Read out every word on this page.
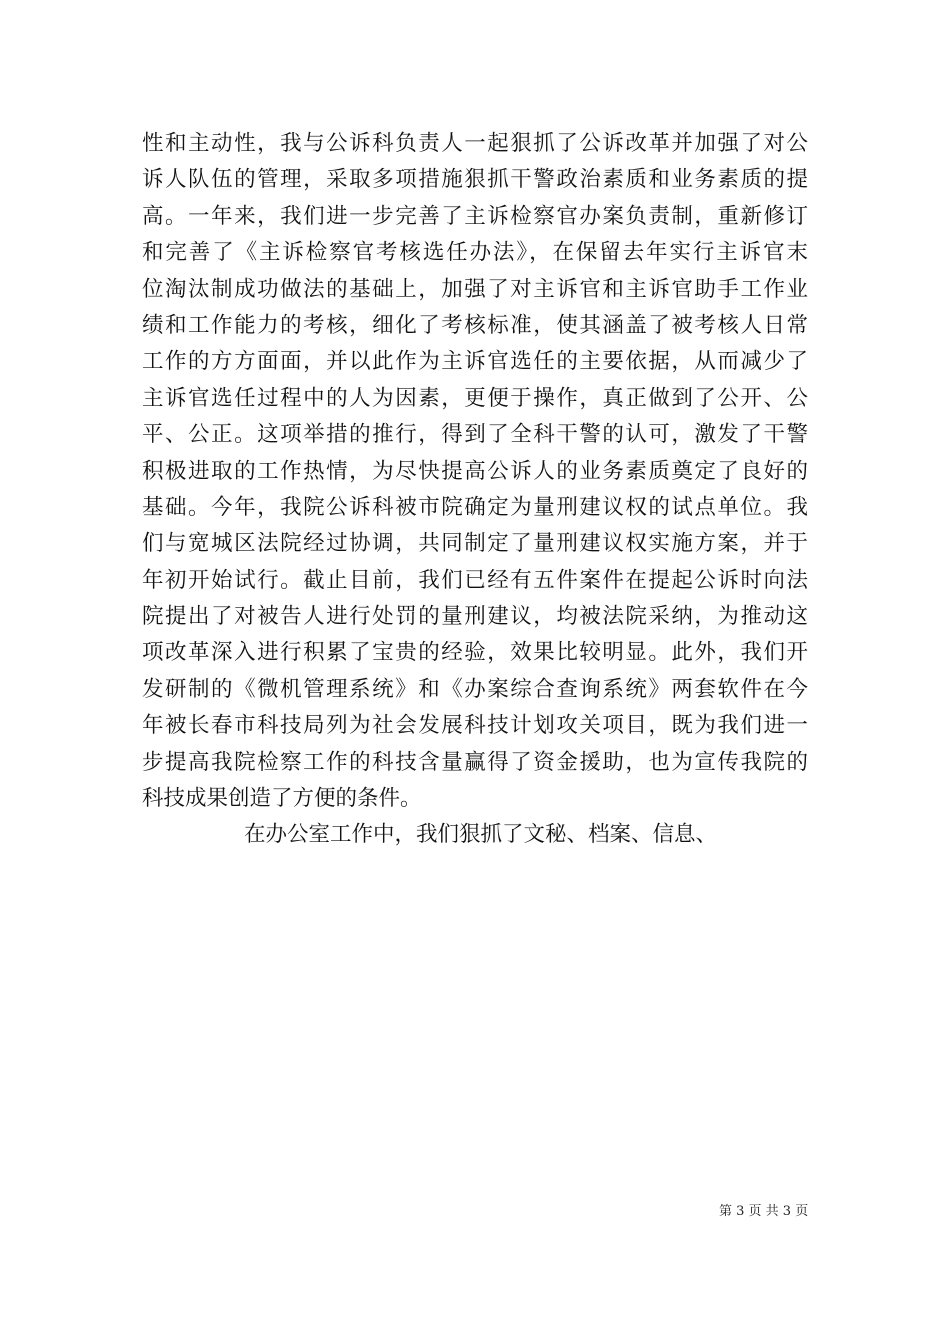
性和主动性，我与公诉科负责人一起狠抓了公诉改革并加强了对公
诉人队伍的管理，采取多项措施狠抓干警政治素质和业务素质的提
高。一年来，我们进一步完善了主诉检察官办案负责制，重新修订
和完善了《主诉检察官考核选任办法》，在保留去年实行主诉官末
位淘汰制成功做法的基础上，加强了对主诉官和主诉官助手工作业
绩和工作能力的考核，细化了考核标准，使其涵盖了被考核人日常
工作的方方面面，并以此作为主诉官选任的主要依据，从而减少了
主诉官选任过程中的人为因素，更便于操作，真正做到了公开、公
平、公正。这项举措的推行，得到了全科干警的认可，激发了干警
积极进取的工作热情，为尽快提高公诉人的业务素质奠定了良好的
基础。今年，我院公诉科被市院确定为量刑建议权的试点单位。我
们与宽城区法院经过协调，共同制定了量刑建议权实施方案，并于
年初开始试行。截止目前，我们已经有五件案件在提起公诉时向法
院提出了对被告人进行处罚的量刑建议，均被法院采纳，为推动这
项改革深入进行积累了宝贵的经验，效果比较明显。此外，我们开
发研制的《微机管理系统》和《办案综合查询系统》两套软件在今
年被长春市科技局列为社会发展科技计划攻关项目，既为我们进一
步提高我院检察工作的科技含量赢得了资金援助，也为宣传我院的
科技成果创造了方便的条件。
在办公室工作中，我们狠抓了文秘、档案、信息、
第 3 页 共 3 页
